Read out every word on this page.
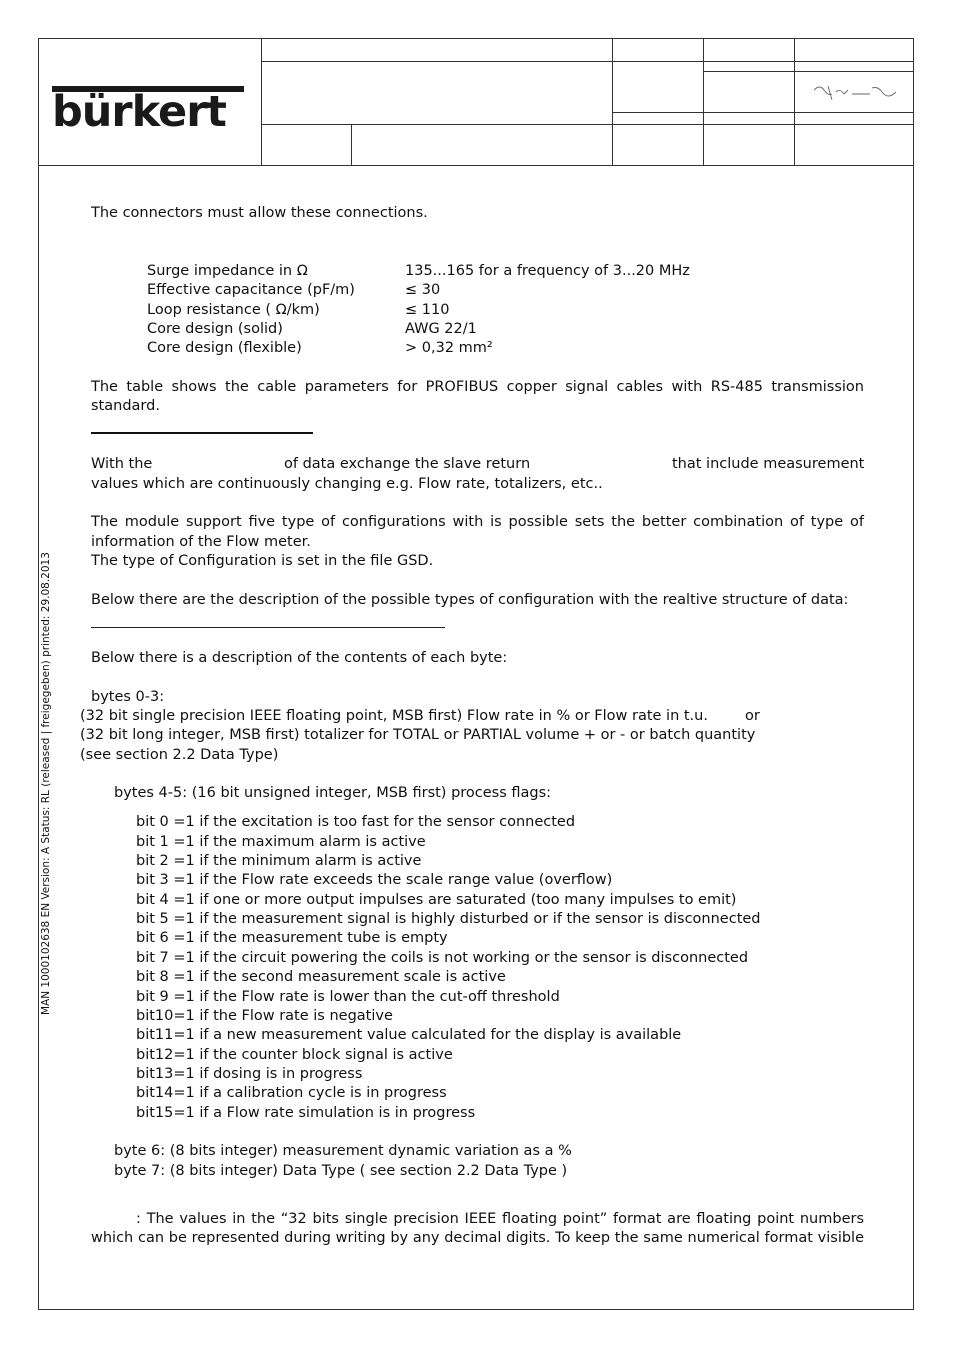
bürkert
MAN 1000102638 EN Version: A Status: RL (released | freigegeben) printed: 29.08.2013
The connectors must allow these connections.
Surge impedance in Ω	135...165 for a frequency of 3...20 MHz
Effective capacitance (pF/m)	≤ 30
Loop resistance ( Ω/km)	≤ 110
Core design (solid)	AWG 22/1
Core design (flexible)	> 0,32 mm²
The table shows the cable parameters for PROFIBUS copper signal cables with RS-485 transmission
standard.
With the	of data exchange the slave return	that include measurement
values which are continuously changing e.g. Flow rate, totalizers, etc..
The module support five type of configurations with is possible sets the better combination of type of
information of the Flow meter.
The type of Configuration is set in the file GSD.
Below there are the description of the possible types of configuration with the realtive structure of data:
Below there is a description of the contents of each byte:
bytes 0-3:
(32 bit single precision IEEE floating point, MSB first) Flow rate in % or Flow rate in t.u.	or
(32 bit long integer, MSB first) totalizer for TOTAL or PARTIAL volume + or - or batch quantity
(see section 2.2 Data Type)
bytes 4-5: (16 bit unsigned integer, MSB first) process flags:
bit 0 =1 if the excitation is too fast for the sensor connected
bit 1 =1 if the maximum alarm is active
bit 2 =1 if the minimum alarm is active
bit 3 =1 if the Flow rate exceeds the scale range value (overflow)
bit 4 =1 if one or more output impulses are saturated (too many impulses to emit)
bit 5 =1 if the measurement signal is highly disturbed or if the sensor is disconnected
bit 6 =1 if the measurement tube is empty
bit 7 =1 if the circuit powering the coils is not working or the sensor is disconnected
bit 8 =1 if the second measurement scale is active
bit 9 =1 if the Flow rate is lower than the cut-off threshold
bit10=1 if the Flow rate is negative
bit11=1 if a new measurement value calculated for the display is available
bit12=1 if the counter block signal is active
bit13=1 if dosing is in progress
bit14=1 if a calibration cycle is in progress
bit15=1 if a Flow rate simulation is in progress
byte 6: (8 bits integer) measurement dynamic variation as a %
byte 7: (8 bits integer) Data Type ( see section 2.2 Data Type )
: The values in the “32 bits single precision IEEE floating point” format are floating point numbers
which can be represented during writing by any decimal digits. To keep the same numerical format visible
